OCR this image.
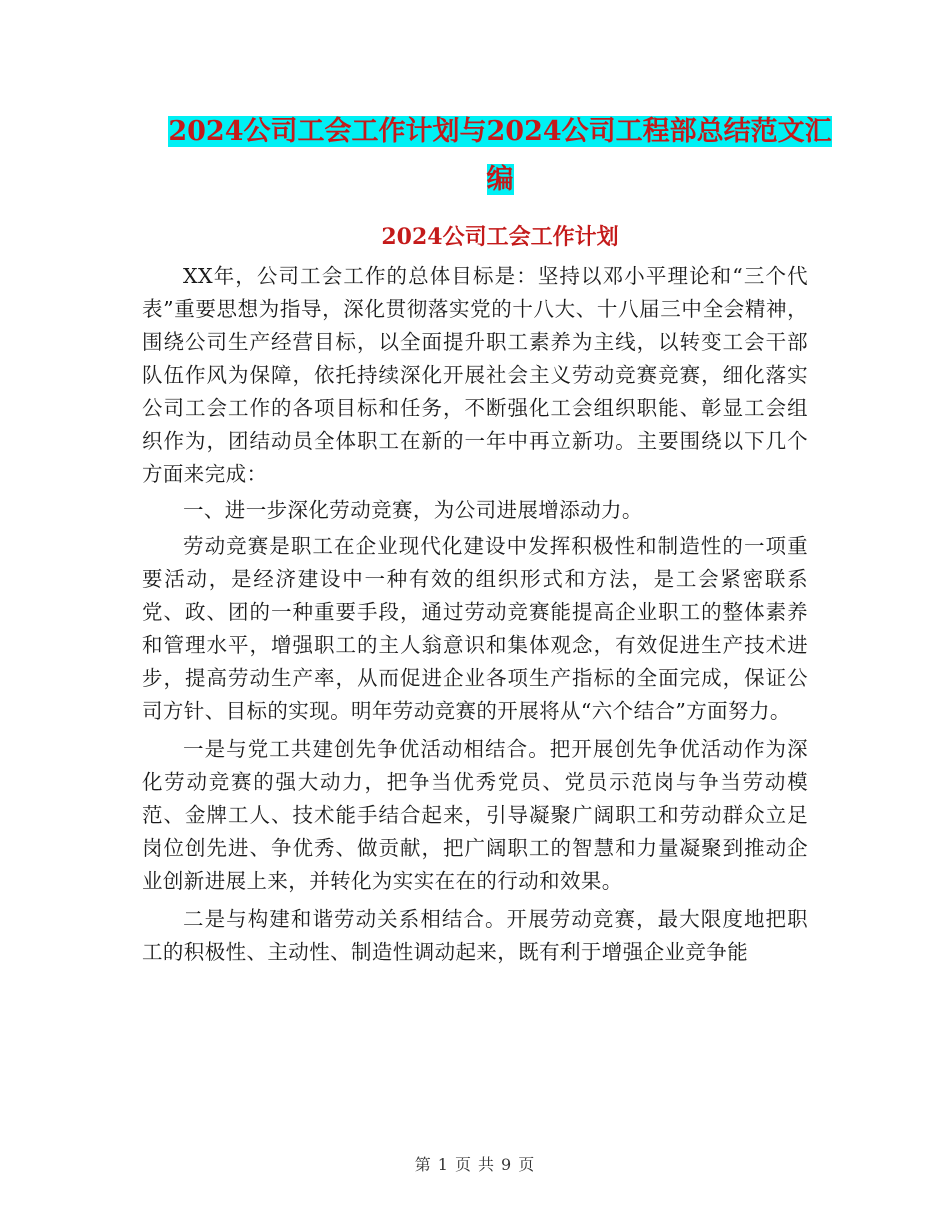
2024公司工会工作计划与2024公司工程部总结范文汇
编
2024公司工会工作计划

XX年，公司工会工作的总体目标是：坚持以邓小平理论和“三个代表”重要思想为指导，深化贯彻落实党的十八大、十八届三中全会精神，围绕公司生产经营目标，以全面提升职工素养为主线，以转变工会干部队伍作风为保障，依托持续深化开展社会主义劳动竞赛竞赛，细化落实公司工会工作的各项目标和任务，不断强化工会组织职能、彰显工会组织作为，团结动员全体职工在新的一年中再立新功。主要围绕以下几个方面来完成：

一、进一步深化劳动竞赛，为公司进展增添动力。

劳动竞赛是职工在企业现代化建设中发挥积极性和制造性的一项重要活动，是经济建设中一种有效的组织形式和方法，是工会紧密联系党、政、团的一种重要手段，通过劳动竞赛能提高企业职工的整体素养和管理水平，增强职工的主人翁意识和集体观念，有效促进生产技术进步，提高劳动生产率，从而促进企业各项生产指标的全面完成，保证公司方针、目标的实现。明年劳动竞赛的开展将从“六个结合”方面努力。

一是与党工共建创先争优活动相结合。把开展创先争优活动作为深化劳动竞赛的强大动力，把争当优秀党员、党员示范岗与争当劳动模范、金牌工人、技术能手结合起来，引导凝聚广阔职工和劳动群众立足岗位创先进、争优秀、做贡献，把广阔职工的智慧和力量凝聚到推动企业创新进展上来，并转化为实实在在的行动和效果。

二是与构建和谐劳动关系相结合。开展劳动竞赛，最大限度地把职工的积极性、主动性、制造性调动起来，既有利于增强企业竞争能

第 1 页 共 9 页
